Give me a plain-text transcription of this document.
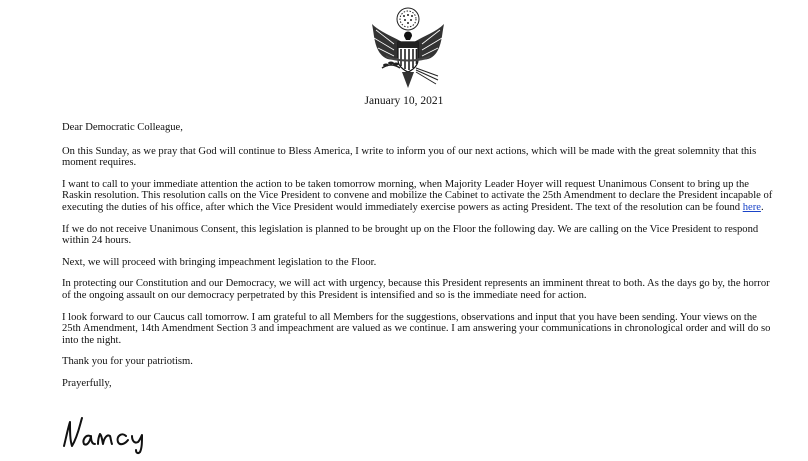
January 10, 2021

Dear Democratic Colleague,

On this Sunday, as we pray that God will continue to Bless America, I write to inform you of our next actions, which will be made with the great solemnity that this moment requires.

I want to call to your immediate attention the action to be taken tomorrow morning, when Majority Leader Hoyer will request Unanimous Consent to bring up the Raskin resolution. This resolution calls on the Vice President to convene and mobilize the Cabinet to activate the 25th Amendment to declare the President incapable of executing the duties of his office, after which the Vice President would immediately exercise powers as acting President. The text of the resolution can be found here.

If we do not receive Unanimous Consent, this legislation is planned to be brought up on the Floor the following day. We are calling on the Vice President to respond within 24 hours.

Next, we will proceed with bringing impeachment legislation to the Floor.

In protecting our Constitution and our Democracy, we will act with urgency, because this President represents an imminent threat to both. As the days go by, the horror of the ongoing assault on our democracy perpetrated by this President is intensified and so is the immediate need for action.

I look forward to our Caucus call tomorrow. I am grateful to all Members for the suggestions, observations and input that you have been sending. Your views on the 25th Amendment, 14th Amendment Section 3 and impeachment are valued as we continue. I am answering your communications in chronological order and will do so into the night.

Thank you for your patriotism.

Prayerfully,
